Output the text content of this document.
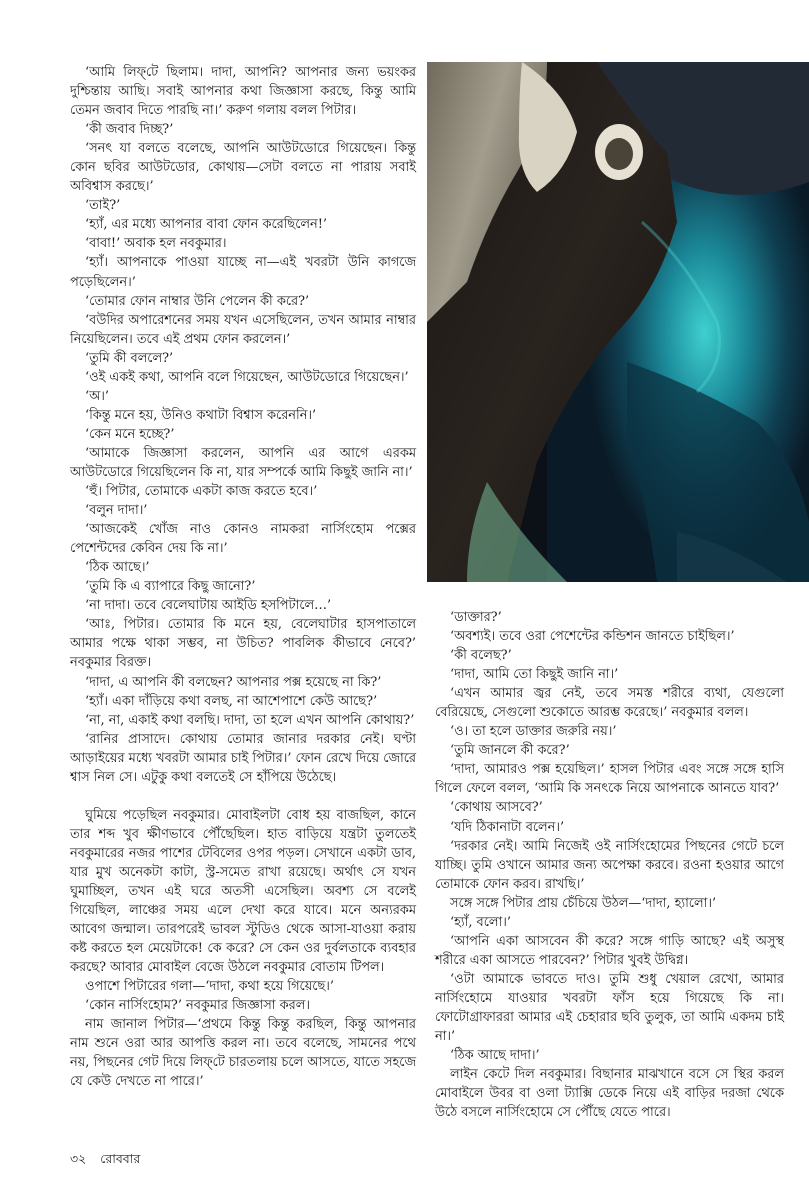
‘আমি লিফ্‌টে ছিলাম। দাদা, আপনি? আপনার জন্য ভয়ংকর দুশ্চিন্তায় আছি। সবাই আপনার কথা জিজ্ঞাসা করছে, কিন্তু আমি তেমন জবাব দিতে পারছি না।’ করুণ গলায় বলল পিটার।

‘কী জবাব দিচ্ছ?’

‘সনৎ যা বলতে বলেছে, আপনি আউটডোরে গিয়েছেন। কিন্তু কোন ছবির আউটডোর, কোথায়—সেটা বলতে না পারায় সবাই অবিশ্বাস করছে।’

‘তাই?’

‘হ্যাঁ, এর মধ্যে আপনার বাবা ফোন করেছিলেন!’

‘বাবা!’ অবাক হল নবকুমার।

‘হ্যাঁ। আপনাকে পাওয়া যাচ্ছে না—এই খবরটা উনি কাগজে পড়েছিলেন।’

‘তোমার ফোন নাম্বার উনি পেলেন কী করে?’

‘বউদির অপারেশনের সময় যখন এসেছিলেন, তখন আমার নাম্বার নিয়েছিলেন। তবে এই প্রথম ফোন করলেন।’

‘তুমি কী বললে?’

‘ওই একই কথা, আপনি বলে গিয়েছেন, আউটডোরে গিয়েছেন।’

‘অ।’

‘কিন্তু মনে হয়, উনিও কথাটা বিশ্বাস করেননি।’

‘কেন মনে হচ্ছে?’

‘আমাকে জিজ্ঞাসা করলেন, আপনি এর আগে এরকম আউটডোরে গিয়েছিলেন কি না, যার সম্পর্কে আমি কিছুই জানি না।’

‘হুঁ। পিটার, তোমাকে একটা কাজ করতে হবে।’

‘বলুন দাদা।’

‘আজকেই খোঁজ নাও কোনও নামকরা নার্সিংহোম পক্সের পেশেন্টদের কেবিন দেয় কি না।’

‘ঠিক আছে।’

‘তুমি কি এ ব্যাপারে কিছু জানো?’

‘না দাদা। তবে বেলেঘাটায় আইডি হসপিটালে…’

‘আঃ, পিটার। তোমার কি মনে হয়, বেলেঘাটার হাসপাতালে আমার পক্ষে থাকা সম্ভব, না উচিত? পাবলিক কীভাবে নেবে?’ নবকুমার বিরক্ত।

‘দাদা, এ আপনি কী বলছেন? আপনার পক্স হয়েছে না কি?’

‘হ্যাঁ। একা দাঁড়িয়ে কথা বলছ, না আশেপাশে কেউ আছে?’

‘না, না, একাই কথা বলছি। দাদা, তা হলে এখন আপনি কোথায়?’

‘রানির প্রাসাদে। কোথায় তোমার জানার দরকার নেই। ঘণ্টা আড়াইয়ের মধ্যে খবরটা আমার চাই পিটার।’ ফোন রেখে দিয়ে জোরে শ্বাস নিল সে। এটুকু কথা বলতেই সে হাঁপিয়ে উঠেছে।

ঘুমিয়ে পড়েছিল নবকুমার। মোবাইলটা বোধ হয় বাজছিল, কানে তার শব্দ খুব ক্ষীণভাবে পৌঁছেছিল। হাত বাড়িয়ে যন্ত্রটা তুলতেই নবকুমারের নজর পাশের টেবিলের ওপর পড়ল। সেখানে একটা ডাব, যার মুখ অনেকটা কাটা, স্ট্র-সমেত রাখা রয়েছে। অর্থাৎ সে যখন ঘুমাচ্ছিল, তখন এই ঘরে অতসী এসেছিল। অবশ্য সে বলেই গিয়েছিল, লাঞ্চের সময় এলে দেখা করে যাবে। মনে অন্যরকম আবেগ জন্মাল। তারপরেই ভাবল স্টুডিও থেকে আসা-যাওয়া করায় কষ্ট করতে হল মেয়েটাকে! কে করে? সে কেন ওর দুর্বলতাকে ব্যবহার করছে? আবার মোবাইল বেজে উঠলে নবকুমার বোতাম টিপল।

ওপাশে পিটারের গলা—‘দাদা, কথা হয়ে গিয়েছে।’

‘কোন নার্সিংহোম?’ নবকুমার জিজ্ঞাসা করল।

নাম জানাল পিটার—‘প্রথমে কিন্তু কিন্তু করছিল, কিন্তু আপনার নাম শুনে ওরা আর আপত্তি করল না। তবে বলেছে, সামনের পথে নয়, পিছনের গেট দিয়ে লিফ্‌টে চারতলায় চলে আসতে, যাতে সহজে যে কেউ দেখতে না পারে।’

‘ডাক্তার?’

‘অবশ্যই। তবে ওরা পেশেন্টের কন্ডিশন জানতে চাইছিল।’

‘কী বলেছ?’

‘দাদা, আমি তো কিছুই জানি না।’

‘এখন আমার জ্বর নেই, তবে সমস্ত শরীরে ব্যথা, যেগুলো বেরিয়েছে, সেগুলো শুকোতে আরম্ভ করেছে।’ নবকুমার বলল।

‘ও। তা হলে ডাক্তার জরুরি নয়।’

‘তুমি জানলে কী করে?’

‘দাদা, আমারও পক্স হয়েছিল।’ হাসল পিটার এবং সঙ্গে সঙ্গে হাসি গিলে ফেলে বলল, ‘আমি কি সনৎকে নিয়ে আপনাকে আনতে যাব?’

‘কোথায় আসবে?’

‘যদি ঠিকানাটা বলেন।’

‘দরকার নেই। আমি নিজেই ওই নার্সিংহোমের পিছনের গেটে চলে যাচ্ছি। তুমি ওখানে আমার জন্য অপেক্ষা করবে। রওনা হওয়ার আগে তোমাকে ফোন করব। রাখছি।’

সঙ্গে সঙ্গে পিটার প্রায় চেঁচিয়ে উঠল—‘দাদা, হ্যালো।’

‘হ্যাঁ, বলো।’

‘আপনি একা আসবেন কী করে? সঙ্গে গাড়ি আছে? এই অসুস্থ শরীরে একা আসতে পারবেন?’ পিটার খুবই উদ্বিগ্ন।

‘ওটা আমাকে ভাবতে দাও। তুমি শুধু খেয়াল রেখো, আমার নার্সিংহোমে যাওয়ার খবরটা ফাঁস হয়ে গিয়েছে কি না। ফোটোগ্রাফাররা আমার এই চেহারার ছবি তুলুক, তা আমি একদম চাই না।’

‘ঠিক আছে দাদা।’

লাইন কেটে দিল নবকুমার। বিছানার মাঝখানে বসে সে স্থির করল মোবাইলে উবর বা ওলা ট্যাক্সি ডেকে নিয়ে এই বাড়ির দরজা থেকে উঠে বসলে নার্সিংহোমে সে পৌঁছে যেতে পারে।

৩২ রোববার
